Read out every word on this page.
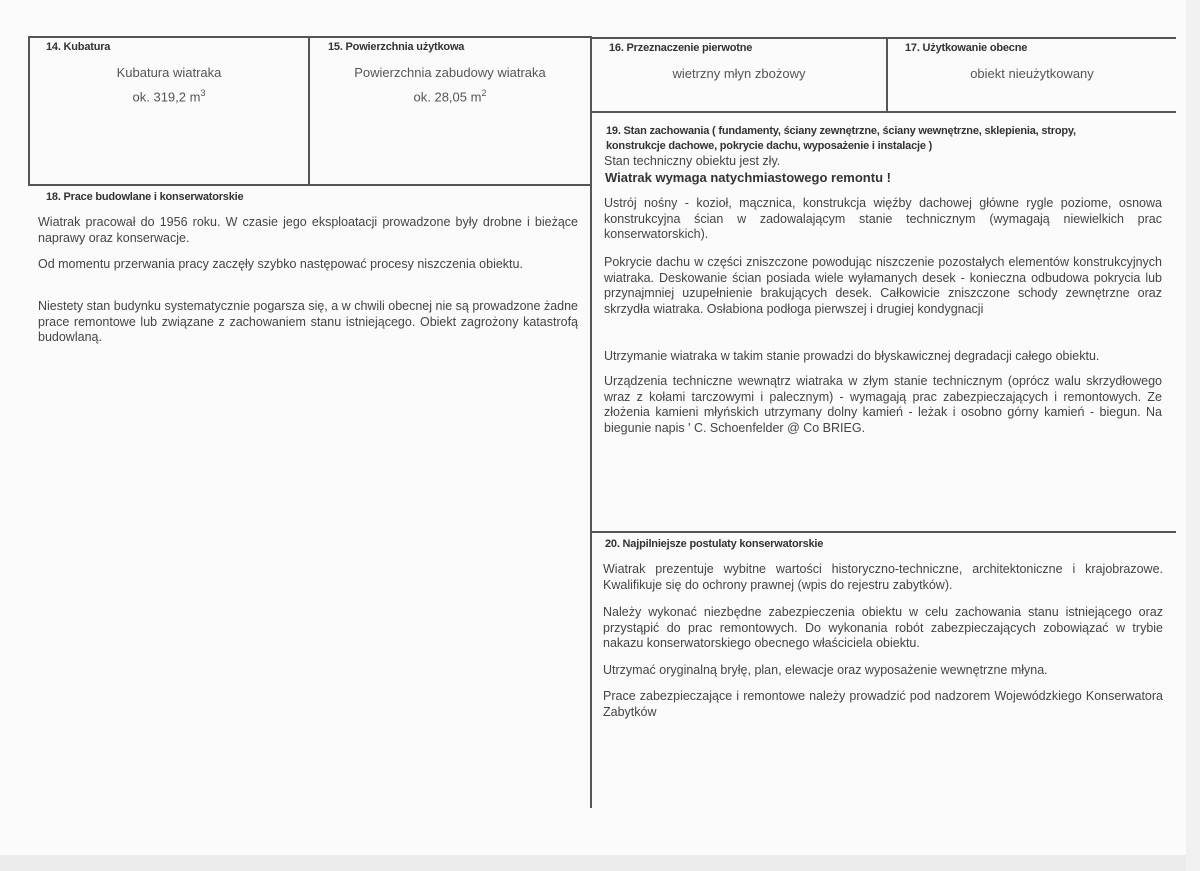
14. Kubatura
Kubatura wiatraka
ok. 319,2 $m^3$
15. Powierzchnia użytkowa
Powierzchnia zabudowy wiatraka
ok. 28,05 $m^2$
16. Przeznaczenie pierwotne
wietrzny młyn zbożowy
17. Użytkowanie obecne
obiekt nieużytkowany
18. Prace budowlane i konserwatorskie

Wiatrak pracował do 1956 roku. W czasie jego eksploatacji prowadzone były drobne i bieżące naprawy oraz konserwacje.

Od momentu przerwania pracy zaczęły szybko następować procesy niszczenia obiektu.

Niestety stan budynku systematycznie pogarsza się, a w chwili obecnej nie są prowadzone żadne prace remontowe lub związane z zachowaniem stanu istniejącego. Obiekt zagrożony katastrofą budowlaną.

19. Stan zachowania ( fundamenty, ściany zewnętrzne, ściany wewnętrzne, sklepienia, stropy,
konstrukcje dachowe, pokrycie dachu, wyposażenie i instalacje )

Stan techniczny obiektu jest zły.

Wiatrak wymaga natychmiastowego remontu !

Ustrój nośny - kozioł, mącznica, konstrukcja więźby dachowej główne rygle poziome, osnowa konstrukcyjna ścian w zadowalającym stanie technicznym (wymagają niewielkich prac konserwatorskich).

Pokrycie dachu w części zniszczone powodując niszczenie pozostałych elementów konstrukcyjnych wiatraka. Deskowanie ścian posiada wiele wyłamanych desek - konieczna odbudowa pokrycia lub przynajmniej uzupełnienie brakujących desek. Całkowicie zniszczone schody zewnętrzne oraz skrzydła wiatraka. Osłabiona podłoga pierwszej i drugiej kondygnacji

Utrzymanie wiatraka w takim stanie prowadzi do błyskawicznej degradacji całego obiektu.

Urządzenia techniczne wewnątrz wiatraka w złym stanie technicznym (oprócz walu skrzydłowego wraz z kołami tarczowymi i palecznym) - wymagają prac zabezpieczających i remontowych. Ze złożenia kamieni młyńskich utrzymany dolny kamień - leżak i osobno górny kamień - biegun. Na biegunie napis ' C. Schoenfelder @ Co BRIEG.

20. Najpilniejsze postulaty konserwatorskie

Wiatrak prezentuje wybitne wartości historyczno-techniczne, architektoniczne i krajobrazowe. Kwalifikuje się do ochrony prawnej (wpis do rejestru zabytków).

Należy wykonać niezbędne zabezpieczenia obiektu w celu zachowania stanu istniejącego oraz przystąpić do prac remontowych. Do wykonania robót zabezpieczających zobowiązać w trybie nakazu konserwatorskiego obecnego właściciela obiektu.

Utrzymać oryginalną bryłę, plan, elewacje oraz wyposażenie wewnętrzne młyna.

Prace zabezpieczające i remontowe należy prowadzić pod nadzorem Wojewódzkiego Konserwatora Zabytków
